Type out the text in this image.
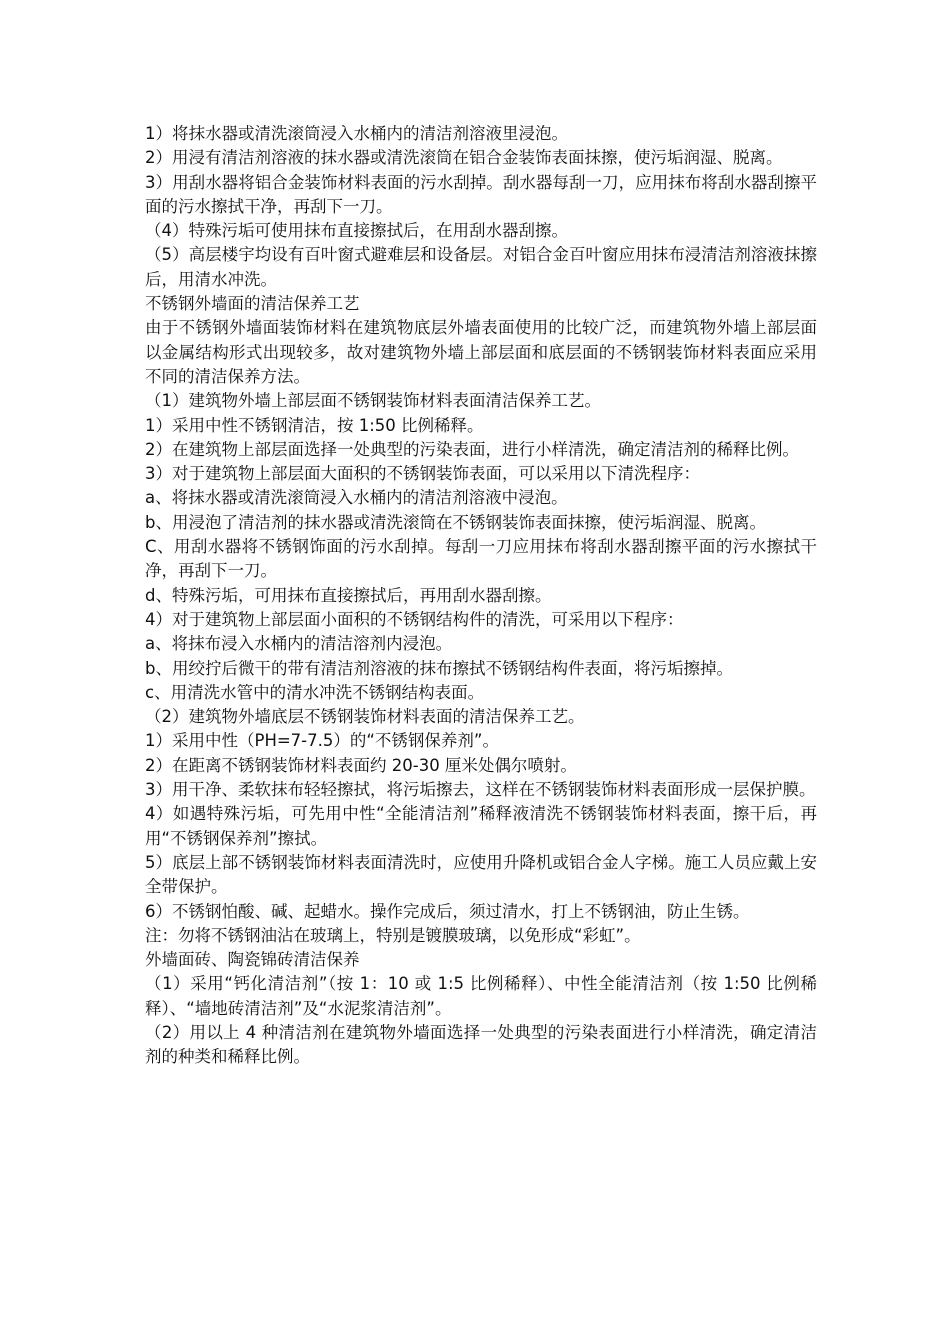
1）将抹水器或清洗滚筒浸入水桶内的清洁剂溶液里浸泡。

2）用浸有清洁剂溶液的抹水器或清洗滚筒在铝合金装饰表面抹擦，使污垢润湿、脱离。

3）用刮水器将铝合金装饰材料表面的污水刮掉。刮水器每刮一刀，应用抹布将刮水器刮擦平面的污水擦拭干净，再刮下一刀。

（4）特殊污垢可使用抹布直接擦拭后，在用刮水器刮擦。

（5）高层楼宇均设有百叶窗式避难层和设备层。对铝合金百叶窗应用抹布浸清洁剂溶液抹擦后，用清水冲洗。

不锈钢外墙面的清洁保养工艺

由于不锈钢外墙面装饰材料在建筑物底层外墙表面使用的比较广泛，而建筑物外墙上部层面以金属结构形式出现较多，故对建筑物外墙上部层面和底层面的不锈钢装饰材料表面应采用不同的清洁保养方法。

（1）建筑物外墙上部层面不锈钢装饰材料表面清洁保养工艺。

1）采用中性不锈钢清洁，按 1:50 比例稀释。

2）在建筑物上部层面选择一处典型的污染表面，进行小样清洗，确定清洁剂的稀释比例。

3）对于建筑物上部层面大面积的不锈钢装饰表面，可以采用以下清洗程序：

a、将抹水器或清洗滚筒浸入水桶内的清洁剂溶液中浸泡。

b、用浸泡了清洁剂的抹水器或清洗滚筒在不锈钢装饰表面抹擦，使污垢润湿、脱离。

C、用刮水器将不锈钢饰面的污水刮掉。每刮一刀应用抹布将刮水器刮擦平面的污水擦拭干净，再刮下一刀。

d、特殊污垢，可用抹布直接擦拭后，再用刮水器刮擦。

4）对于建筑物上部层面小面积的不锈钢结构件的清洗，可采用以下程序：

a、将抹布浸入水桶内的清洁溶剂内浸泡。

b、用绞拧后微干的带有清洁剂溶液的抹布擦拭不锈钢结构件表面，将污垢擦掉。

c、用清洗水管中的清水冲洗不锈钢结构表面。

（2）建筑物外墙底层不锈钢装饰材料表面的清洁保养工艺。

1）采用中性（PH=7-7.5）的“不锈钢保养剂”。

2）在距离不锈钢装饰材料表面约 20-30 厘米处偶尔喷射。

3）用干净、柔软抹布轻轻擦拭，将污垢擦去，这样在不锈钢装饰材料表面形成一层保护膜。

4）如遇特殊污垢，可先用中性“全能清洁剂”稀释液清洗不锈钢装饰材料表面，擦干后，再用“不锈钢保养剂”擦拭。

5）底层上部不锈钢装饰材料表面清洗时，应使用升降机或铝合金人字梯。施工人员应戴上安全带保护。

6）不锈钢怕酸、碱、起蜡水。操作完成后，须过清水，打上不锈钢油，防止生锈。

注：勿将不锈钢油沾在玻璃上，特别是镀膜玻璃，以免形成“彩虹”。

外墙面砖、陶瓷锦砖清洁保养

（1）采用“钙化清洁剂”（按 1：10 或 1:5 比例稀释）、中性全能清洁剂（按 1:50 比例稀释）、“墙地砖清洁剂”及“水泥浆清洁剂”。

（2）用以上 4 种清洁剂在建筑物外墙面选择一处典型的污染表面进行小样清洗，确定清洁剂的种类和稀释比例。
